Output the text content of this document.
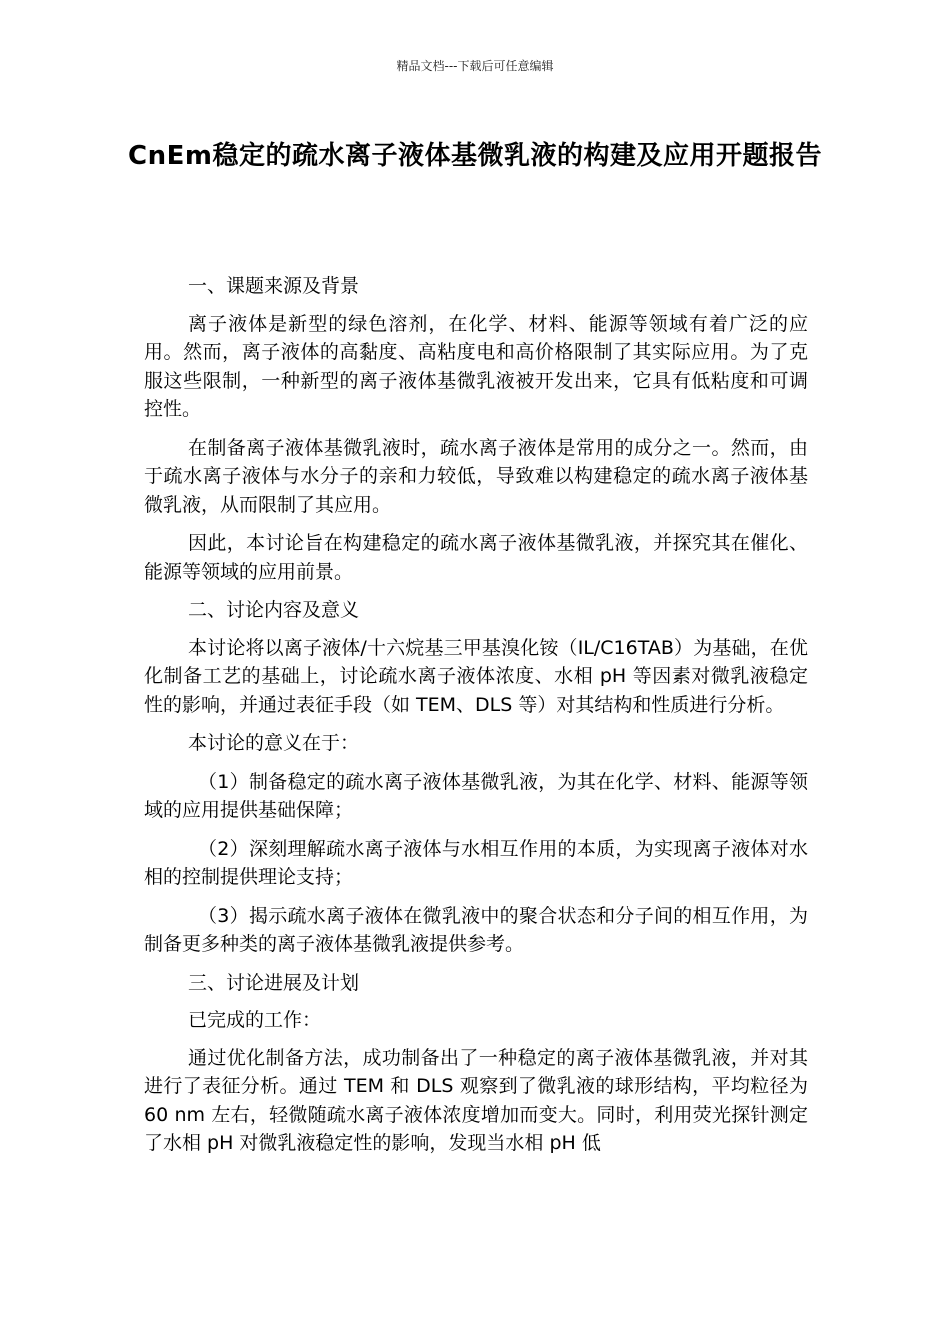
精品文档---下载后可任意编辑
CnEm稳定的疏水离子液体基微乳液的构建及应用开题报告

一、课题来源及背景

离子液体是新型的绿色溶剂，在化学、材料、能源等领域有着广泛的应用。然而，离子液体的高黏度、高粘度电和高价格限制了其实际应用。为了克服这些限制，一种新型的离子液体基微乳液被开发出来，它具有低粘度和可调控性。

在制备离子液体基微乳液时，疏水离子液体是常用的成分之一。然而，由于疏水离子液体与水分子的亲和力较低，导致难以构建稳定的疏水离子液体基微乳液，从而限制了其应用。

因此，本讨论旨在构建稳定的疏水离子液体基微乳液，并探究其在催化、能源等领域的应用前景。

二、讨论内容及意义

本讨论将以离子液体/十六烷基三甲基溴化铵（IL/C16TAB）为基础，在优化制备工艺的基础上，讨论疏水离子液体浓度、水相 pH 等因素对微乳液稳定性的影响，并通过表征手段（如 TEM、DLS 等）对其结构和性质进行分析。

本讨论的意义在于：

（1）制备稳定的疏水离子液体基微乳液，为其在化学、材料、能源等领域的应用提供基础保障；

（2）深刻理解疏水离子液体与水相互作用的本质，为实现离子液体对水相的控制提供理论支持；

（3）揭示疏水离子液体在微乳液中的聚合状态和分子间的相互作用，为制备更多种类的离子液体基微乳液提供参考。

三、讨论进展及计划

已完成的工作：

通过优化制备方法，成功制备出了一种稳定的离子液体基微乳液，并对其进行了表征分析。通过 TEM 和 DLS 观察到了微乳液的球形结构，平均粒径为 60 nm 左右，轻微随疏水离子液体浓度增加而变大。同时，利用荧光探针测定了水相 pH 对微乳液稳定性的影响，发现当水相 pH 低
